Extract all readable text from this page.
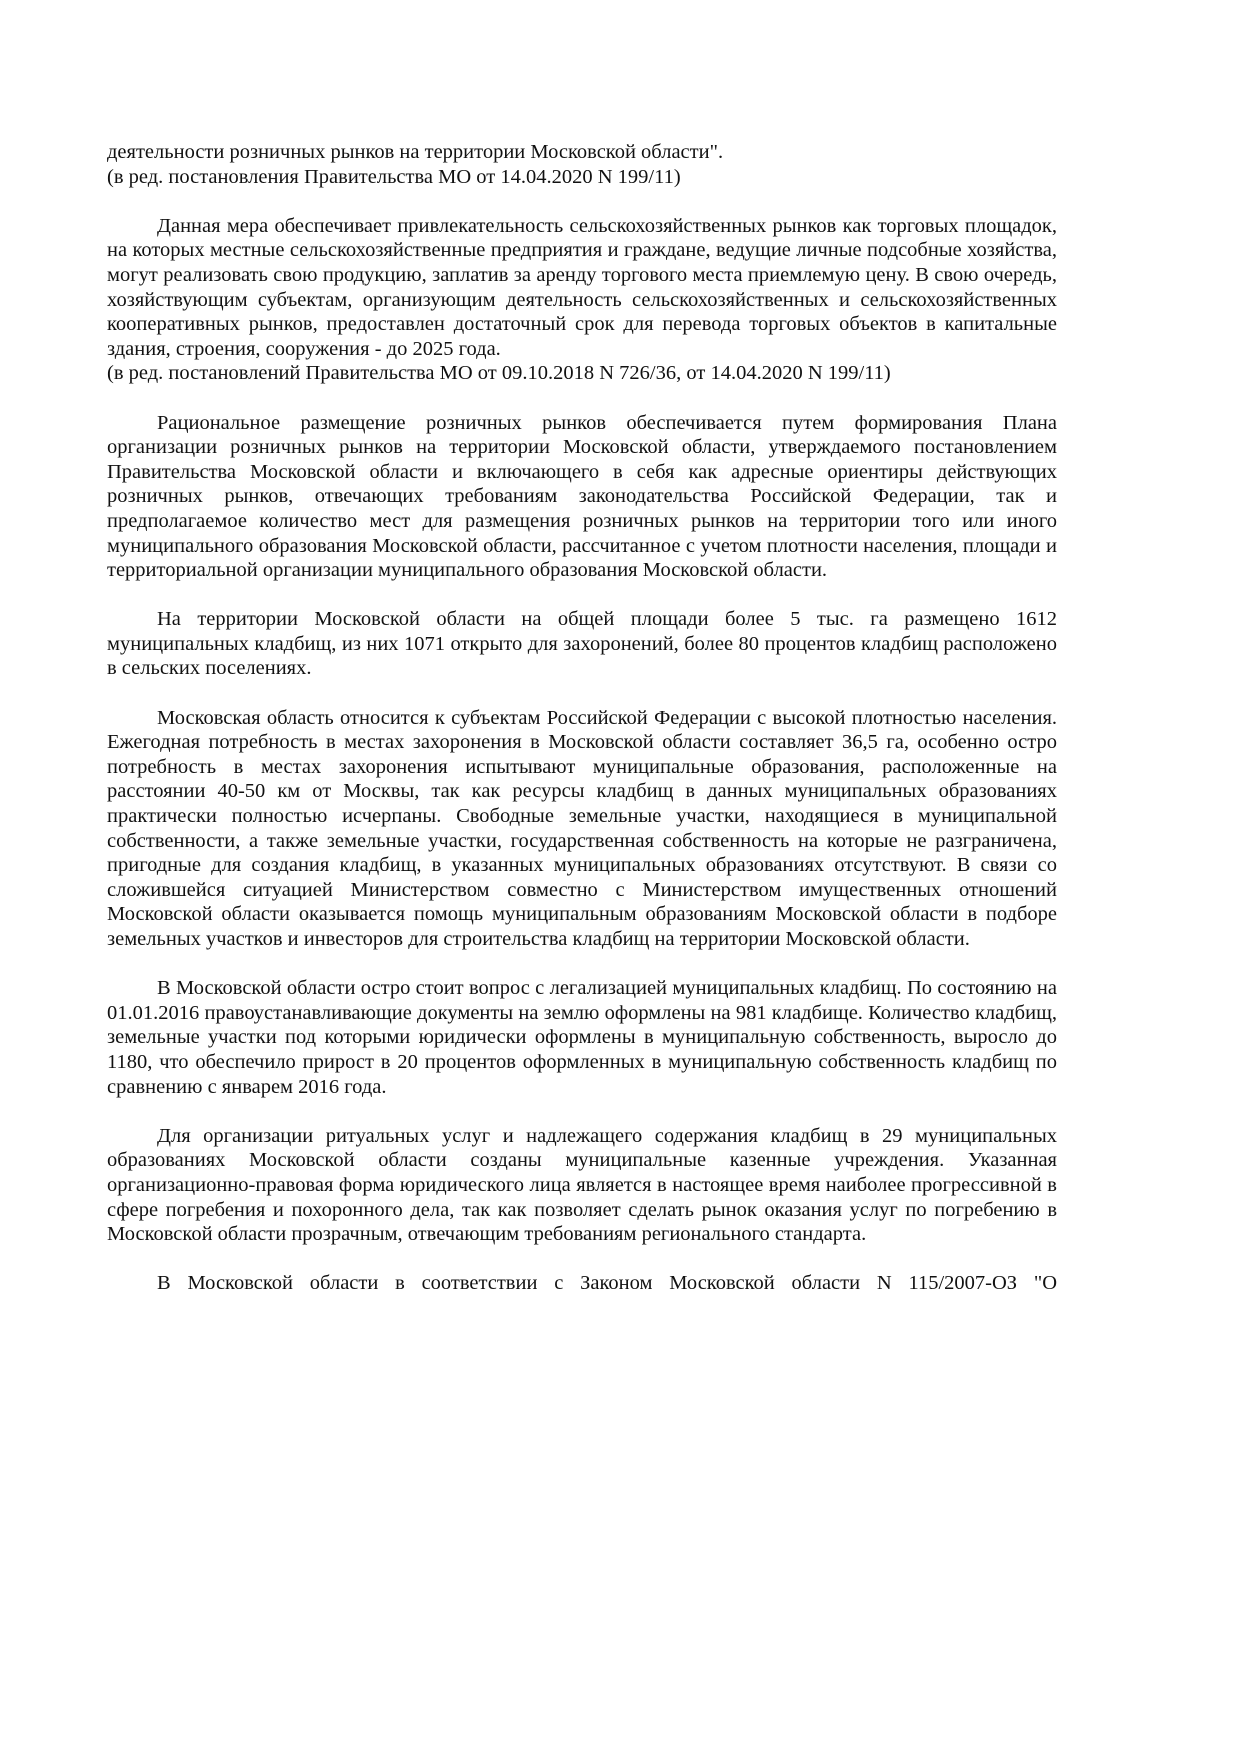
деятельности розничных рынков на территории Московской области".

(в ред. постановления Правительства МО от 14.04.2020 N 199/11)

Данная мера обеспечивает привлекательность сельскохозяйственных рынков как торговых площадок, на которых местные сельскохозяйственные предприятия и граждане, ведущие личные подсобные хозяйства, могут реализовать свою продукцию, заплатив за аренду торгового места приемлемую цену. В свою очередь, хозяйствующим субъектам, организующим деятельность сельскохозяйственных и сельскохозяйственных кооперативных рынков, предоставлен достаточный срок для перевода торговых объектов в капитальные здания, строения, сооружения - до 2025 года.

(в ред. постановлений Правительства МО от 09.10.2018 N 726/36, от 14.04.2020 N 199/11)

Рациональное размещение розничных рынков обеспечивается путем формирования Плана организации розничных рынков на территории Московской области, утверждаемого постановлением Правительства Московской области и включающего в себя как адресные ориентиры действующих розничных рынков, отвечающих требованиям законодательства Российской Федерации, так и предполагаемое количество мест для размещения розничных рынков на территории того или иного муниципального образования Московской области, рассчитанное с учетом плотности населения, площади и территориальной организации муниципального образования Московской области.

На территории Московской области на общей площади более 5 тыс. га размещено 1612 муниципальных кладбищ, из них 1071 открыто для захоронений, более 80 процентов кладбищ расположено в сельских поселениях.

Московская область относится к субъектам Российской Федерации с высокой плотностью населения. Ежегодная потребность в местах захоронения в Московской области составляет 36,5 га, особенно остро потребность в местах захоронения испытывают муниципальные образования, расположенные на расстоянии 40-50 км от Москвы, так как ресурсы кладбищ в данных муниципальных образованиях практически полностью исчерпаны. Свободные земельные участки, находящиеся в муниципальной собственности, а также земельные участки, государственная собственность на которые не разграничена, пригодные для создания кладбищ, в указанных муниципальных образованиях отсутствуют. В связи со сложившейся ситуацией Министерством совместно с Министерством имущественных отношений Московской области оказывается помощь муниципальным образованиям Московской области в подборе земельных участков и инвесторов для строительства кладбищ на территории Московской области.

В Московской области остро стоит вопрос с легализацией муниципальных кладбищ. По состоянию на 01.01.2016 правоустанавливающие документы на землю оформлены на 981 кладбище. Количество кладбищ, земельные участки под которыми юридически оформлены в муниципальную собственность, выросло до 1180, что обеспечило прирост в 20 процентов оформленных в муниципальную собственность кладбищ по сравнению с январем 2016 года.

Для организации ритуальных услуг и надлежащего содержания кладбищ в 29 муниципальных образованиях Московской области созданы муниципальные казенные учреждения. Указанная организационно-правовая форма юридического лица является в настоящее время наиболее прогрессивной в сфере погребения и похоронного дела, так как позволяет сделать рынок оказания услуг по погребению в Московской области прозрачным, отвечающим требованиям регионального стандарта.

В Московской области в соответствии с Законом Московской области N 115/2007-ОЗ "О
